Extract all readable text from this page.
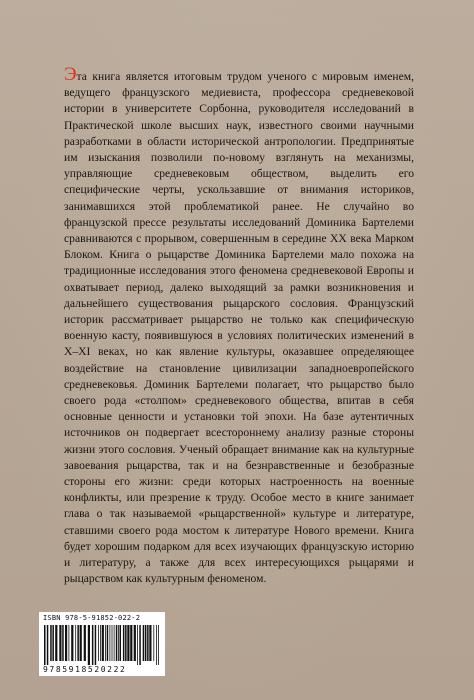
Эта книга является итоговым трудом ученого с мировым именем, ведущего французского медиевиста, профессора средневековой истории в университете Сорбонна, руководителя исследований в Практической школе высших наук, известного своими научными разработками в области исторической антропологии. Предпринятые им изыскания позволили по-новому взглянуть на механизмы, управляющие средневековым обществом, выделить его специфические черты, ускользавшие от внимания историков, занимавшихся этой проблематикой ранее. Не случайно во французской прессе результаты исследований Доминика Бартелеми сравниваются с прорывом, совершенным в середине XX века Марком Блоком. Книга о рыцарстве Доминика Бартелеми мало похожа на традиционные исследования этого феномена средневековой Европы и охватывает период, далеко выходящий за рамки возникновения и дальнейшего существования рыцарского сословия. Французский историк рассматривает рыцарство не только как специфическую военную касту, появившуюся в условиях политических изменений в X–XI веках, но как явление культуры, оказавшее определяющее воздействие на становление цивилизации западноевропейского средневековья. Доминик Бартелеми полагает, что рыцарство было своего рода «столпом» средневекового общества, впитав в себя основные ценности и установки той эпохи. На базе аутентичных источников он подвергает всестороннему анализу разные стороны жизни этого сословия. Ученый обращает внимание как на культурные завоевания рыцарства, так и на безнравственные и безобразные стороны его жизни: среди которых настроенность на военные конфликты, или презрение к труду. Особое место в книге занимает глава о так называемой «рыцарственной» культуре и литературе, ставшими своего рода мостом к литературе Нового времени. Книга будет хорошим подарком для всех изучающих французскую историю и литературу, а также для всех интересующихся рыцарями и рыцарством как культурным феноменом.

ISBN 978-5-91852-022-2
9785918520222
